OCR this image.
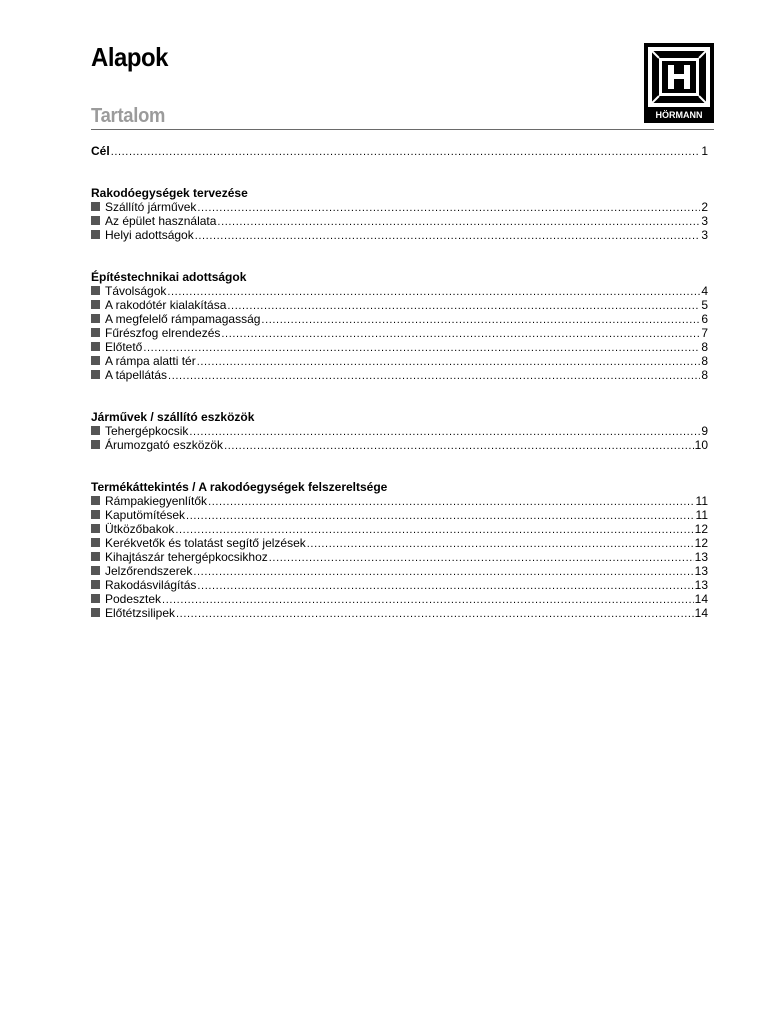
Alapok
Tartalom	HÖRMANN
Cél .....	1
Rakodóegységek tervezése
Szállító járművek .....	2
Az épület használata .....	3
Helyi adottságok .....	3
Építéstechnikai adottságok
Távolságok .....	4
A rakodótér kialakítása .....	5
A megfelelő rámpamagasság .....	6
Fűrészfog elrendezés .....	7
Előtető .....	8
A rámpa alatti tér .....	8
A tápellátás .....	8
Járművek / szállító eszközök
Tehergépkocsik .....	9
Árumozgató eszközök .....	10
Termékáttekintés / A rakodóegységek felszereltsége
Rámpakiegyenlítők .....	11
Kaputömítések .....	11
Ütközőbakok .....	12
Kerékvetők és tolatást segítő jelzések .....	12
Kihajtászár tehergépkocsikhoz .....	13
Jelzőrendszerek .....	13
Rakodásvilágítás .....	13
Podesztek .....	14
Előtétzsilipek .....	14
